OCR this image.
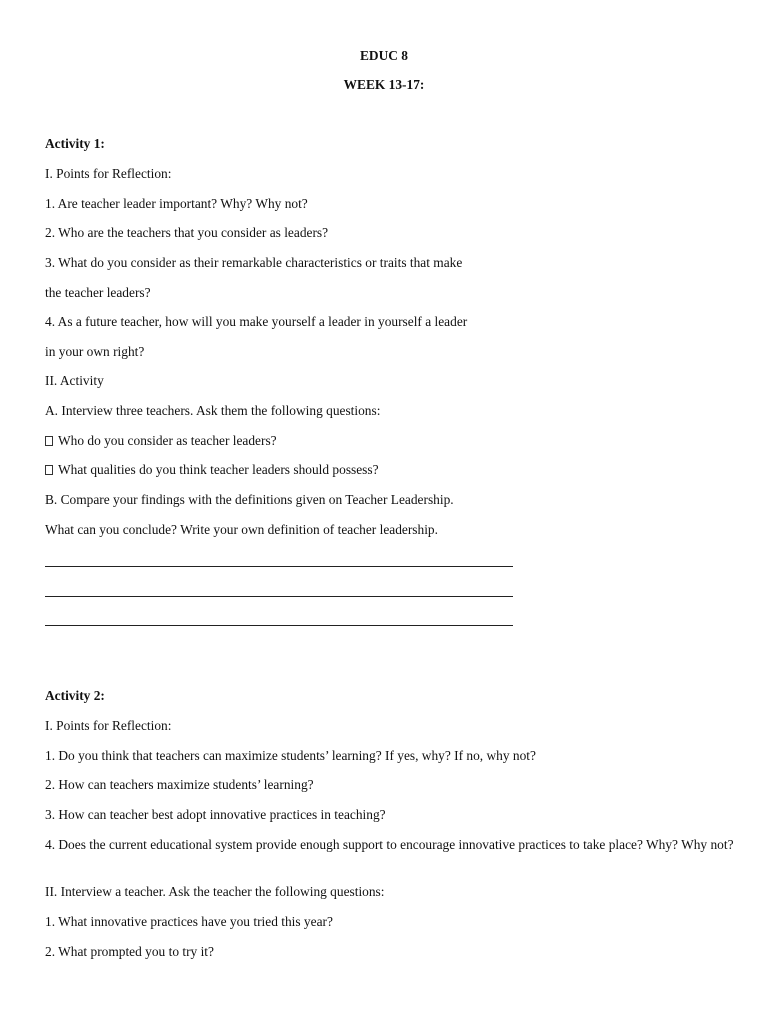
EDUC 8
WEEK 13-17:
Activity 1:
I. Points for Reflection:
1. Are teacher leader important? Why? Why not?
2. Who are the teachers that you consider as leaders?
3. What do you consider as their remarkable characteristics or traits that make
the teacher leaders?
4. As a future teacher, how will you make yourself a leader in yourself a leader
in your own right?
II. Activity
A. Interview three teachers. Ask them the following questions:
Who do you consider as teacher leaders?
What qualities do you think teacher leaders should possess?
B. Compare your findings with the definitions given on Teacher Leadership.
What can you conclude? Write your own definition of teacher leadership.
Activity 2:
I. Points for Reflection:
1. Do you think that teachers can maximize students’ learning? If yes, why? If no, why not?
2. How can teachers maximize students’ learning?
3. How can teacher best adopt innovative practices in teaching?
4. Does the current educational system provide enough support to encourage innovative practices to take place? Why? Why not?
II. Interview a teacher. Ask the teacher the following questions:
1. What innovative practices have you tried this year?
2. What prompted you to try it?
